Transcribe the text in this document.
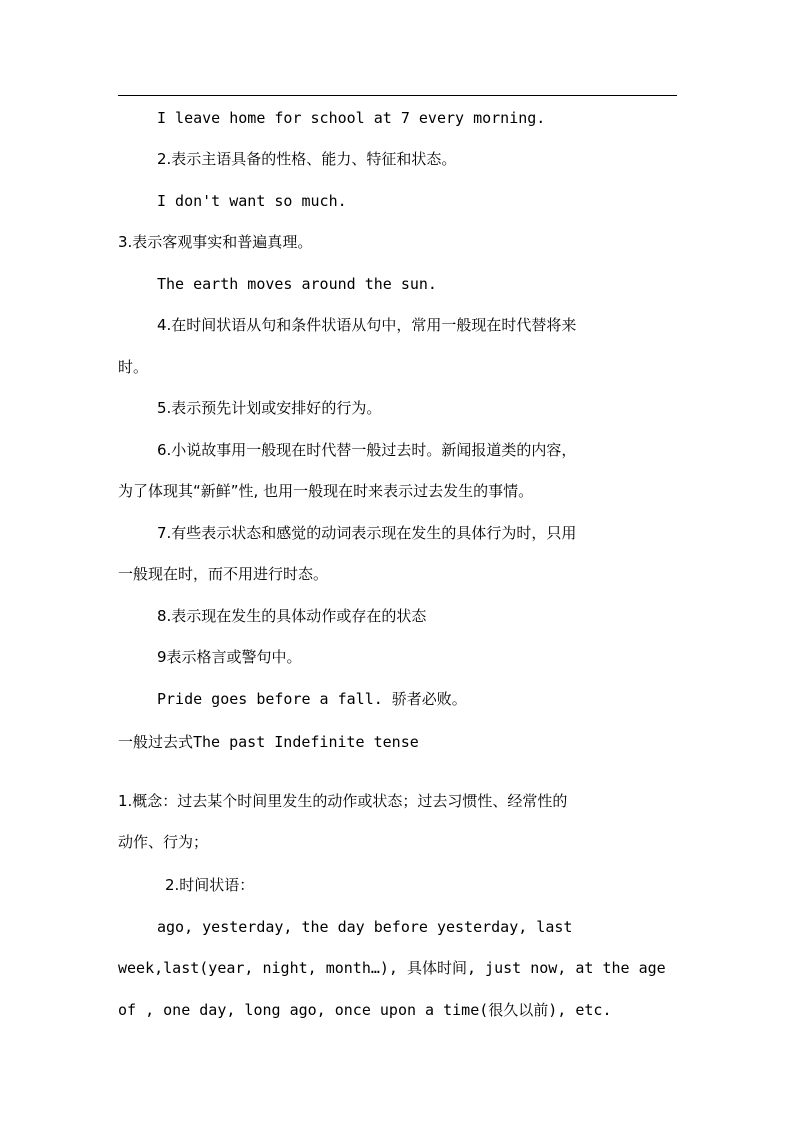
I leave home for school at 7 every morning.
2.表示主语具备的性格、能力、特征和状态。
I don't want so much.
3.表示客观事实和普遍真理。
The earth moves around the sun.
4.在时间状语从句和条件状语从句中，常用一般现在时代替将来
时。
5.表示预先计划或安排好的行为。
6.小说故事用一般现在时代替一般过去时。新闻报道类的内容，
为了体现其“新鲜”性, 也用一般现在时来表示过去发生的事情。
7.有些表示状态和感觉的动词表示现在发生的具体行为时，只用
一般现在时，而不用进行时态。
8.表示现在发生的具体动作或存在的状态
9表示格言或警句中。
Pride goes before a fall. 骄者必败。
一般过去式The past Indefinite tense
1.概念：过去某个时间里发生的动作或状态；过去习惯性、经常性的
动作、行为；
2.时间状语：
ago, yesterday, the day before yesterday, last
week,last(year, night, month…), 具体时间, just now, at the age
of , one day, long ago, once upon a time(很久以前), etc.
